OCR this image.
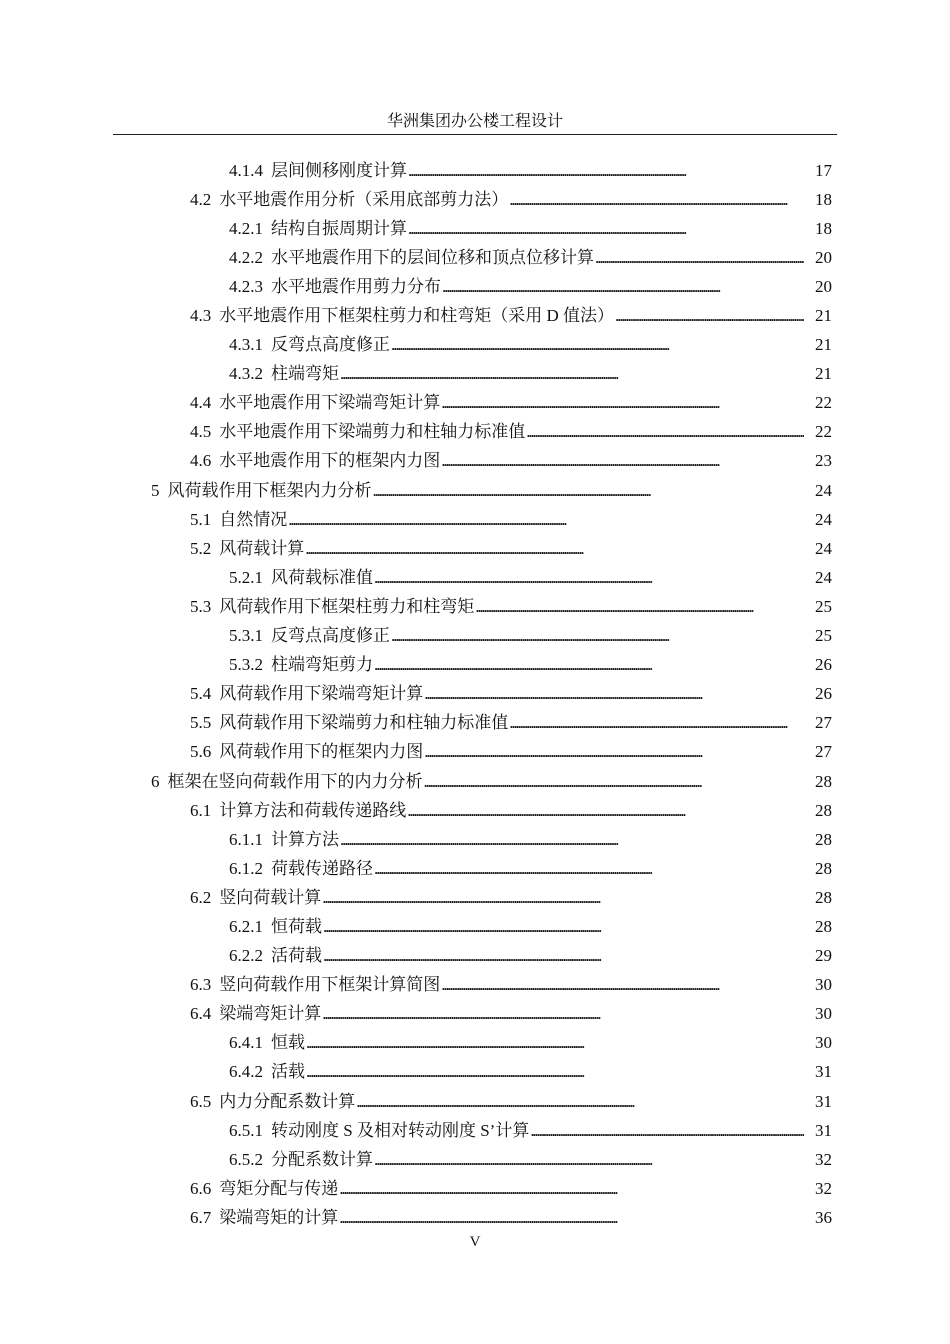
华洲集团办公楼工程设计
4.1.4 层间侧移刚度计算 . . .	17
4.2 水平地震作用分析（采用底部剪力法） . . .	18
4.2.1 结构自振周期计算 . . .	18
4.2.2 水平地震作用下的层间位移和顶点位移计算 . . .	20
4.2.3 水平地震作用剪力分布 . . .	20
4.3 水平地震作用下框架柱剪力和柱弯矩（采用 D 值法） . . .	21
4.3.1 反弯点高度修正 . . .	21
4.3.2 柱端弯矩 . . .	21
4.4 水平地震作用下梁端弯矩计算 . . .	22
4.5 水平地震作用下梁端剪力和柱轴力标准值 . . .	22
4.6 水平地震作用下的框架内力图 . . .	23
5 风荷载作用下框架内力分析 . . .	24
5.1 自然情况 . . .	24
5.2 风荷载计算 . . .	24
5.2.1 风荷载标准值 . . .	24
5.3 风荷载作用下框架柱剪力和柱弯矩 . . .	25
5.3.1 反弯点高度修正 . . .	25
5.3.2 柱端弯矩剪力 . . .	26
5.4 风荷载作用下梁端弯矩计算 . . .	26
5.5 风荷载作用下梁端剪力和柱轴力标准值 . . .	27
5.6 风荷载作用下的框架内力图 . . .	27
6 框架在竖向荷载作用下的内力分析 . . .	28
6.1 计算方法和荷载传递路线 . . .	28
6.1.1 计算方法 . . .	28
6.1.2 荷载传递路径 . . .	28
6.2 竖向荷载计算 . . .	28
6.2.1 恒荷载 . . .	28
6.2.2 活荷载 . . .	29
6.3 竖向荷载作用下框架计算简图 . . .	30
6.4 梁端弯矩计算 . . .	30
6.4.1 恒载 . . .	30
6.4.2 活载 . . .	31
6.5 内力分配系数计算 . . .	31
6.5.1 转动刚度 S 及相对转动刚度 S’计算 . . .	31
6.5.2 分配系数计算 . . .	32
6.6 弯矩分配与传递 . . .	32
6.7 梁端弯矩的计算 . . .	36
V
